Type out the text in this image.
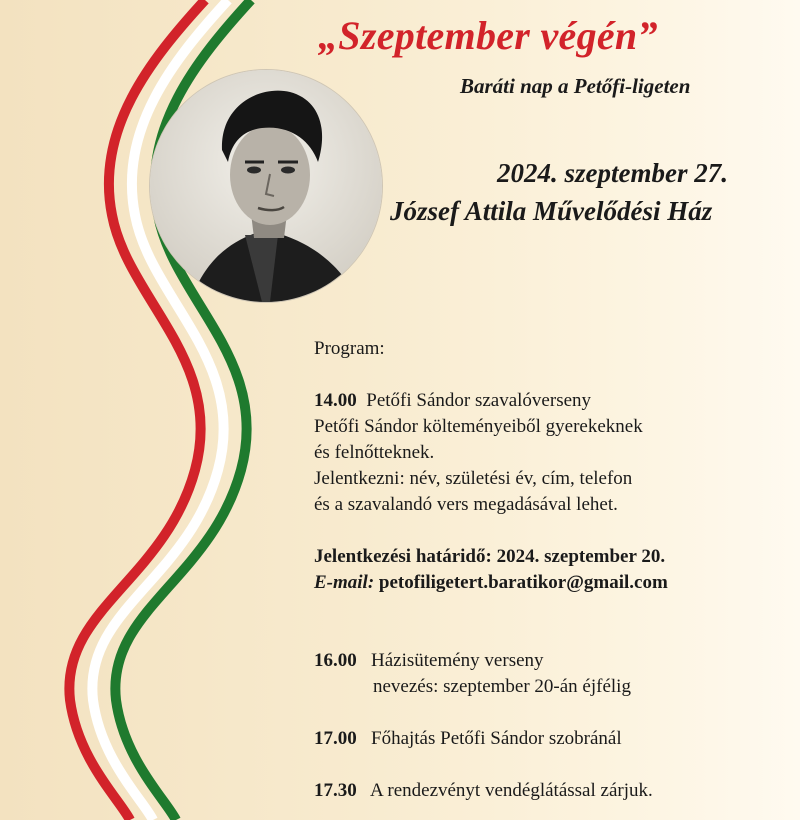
„Szeptember végén”
Baráti nap a Petőfi-ligeten
2024. szeptember 27.
József Attila Művelődési Ház
Program:
14.00 Petőfi Sándor szavalóverseny
Petőfi Sándor költeményeiből gyerekeknek
és felnőtteknek.
Jelentkezni: név, születési év, cím, telefon
és a szavalandó vers megadásával lehet.
Jelentkezési határidő: 2024. szeptember 20.
E-mail: petofiligetert.baratikor@gmail.com
16.00 Házisütemény verseny
nevezés: szeptember 20-án éjfélig
17.00 Főhajtás Petőfi Sándor szobránál
17.30 A rendezvényt vendéglátással zárjuk.
